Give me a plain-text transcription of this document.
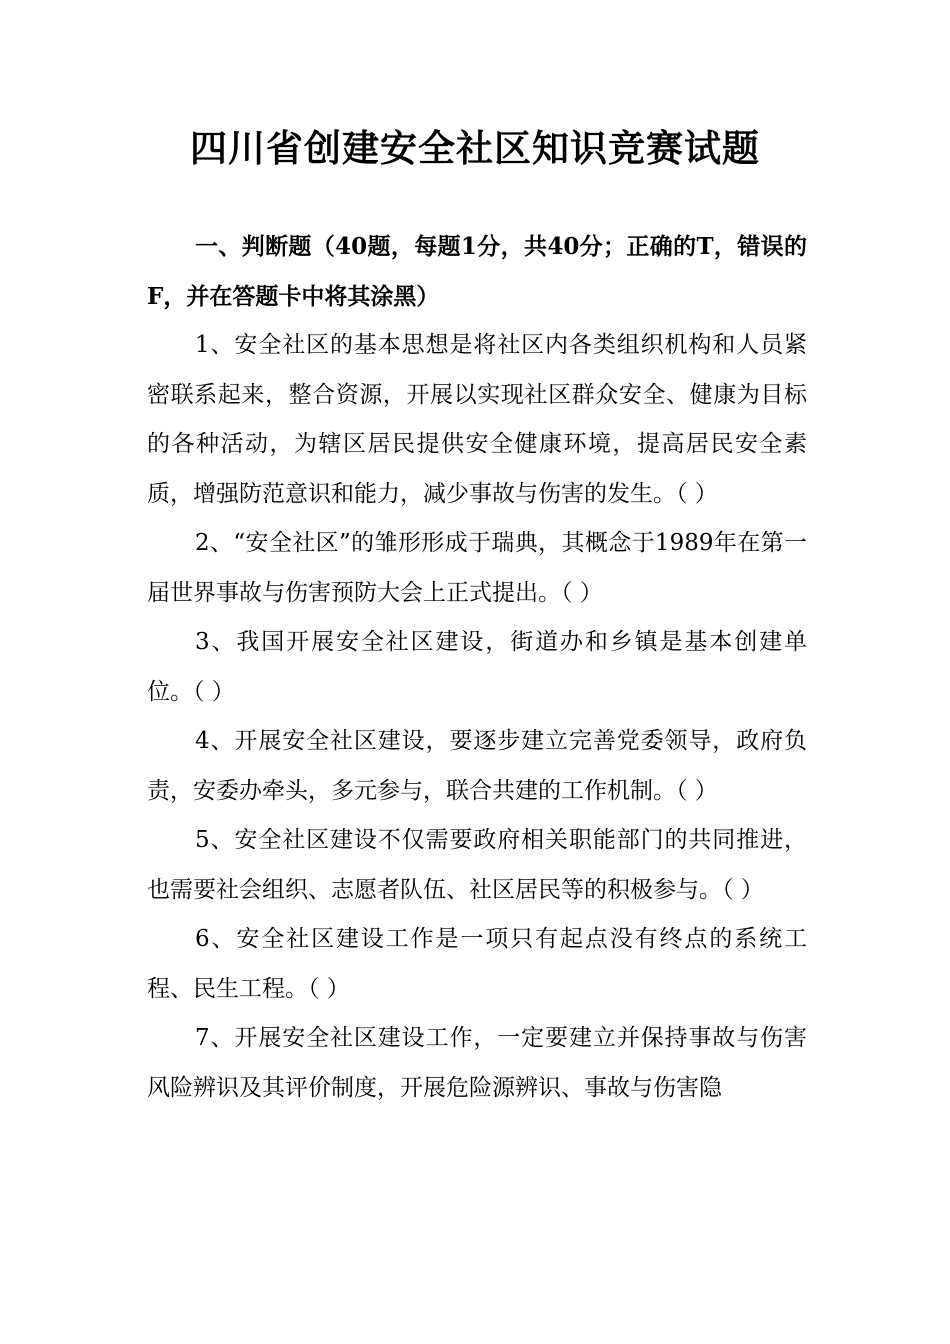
四川省创建安全社区知识竞赛试题

一、判断题（40题，每题1分，共40分；正确的T，错误的F，并在答题卡中将其涂黑）

1、安全社区的基本思想是将社区内各类组织机构和人员紧密联系起来，整合资源，开展以实现社区群众安全、健康为目标的各种活动，为辖区居民提供安全健康环境，提高居民安全素质，增强防范意识和能力，减少事故与伤害的发生。（ ）

2、“安全社区”的雏形形成于瑞典，其概念于1989年在第一届世界事故与伤害预防大会上正式提出。（ ）

3、我国开展安全社区建设，街道办和乡镇是基本创建单位。（ ）

4、开展安全社区建设，要逐步建立完善党委领导，政府负责，安委办牵头，多元参与，联合共建的工作机制。（ ）

5、安全社区建设不仅需要政府相关职能部门的共同推进，也需要社会组织、志愿者队伍、社区居民等的积极参与。（ ）

6、安全社区建设工作是一项只有起点没有终点的系统工程、民生工程。（ ）

7、开展安全社区建设工作，一定要建立并保持事故与伤害风险辨识及其评价制度，开展危险源辨识、事故与伤害隐
